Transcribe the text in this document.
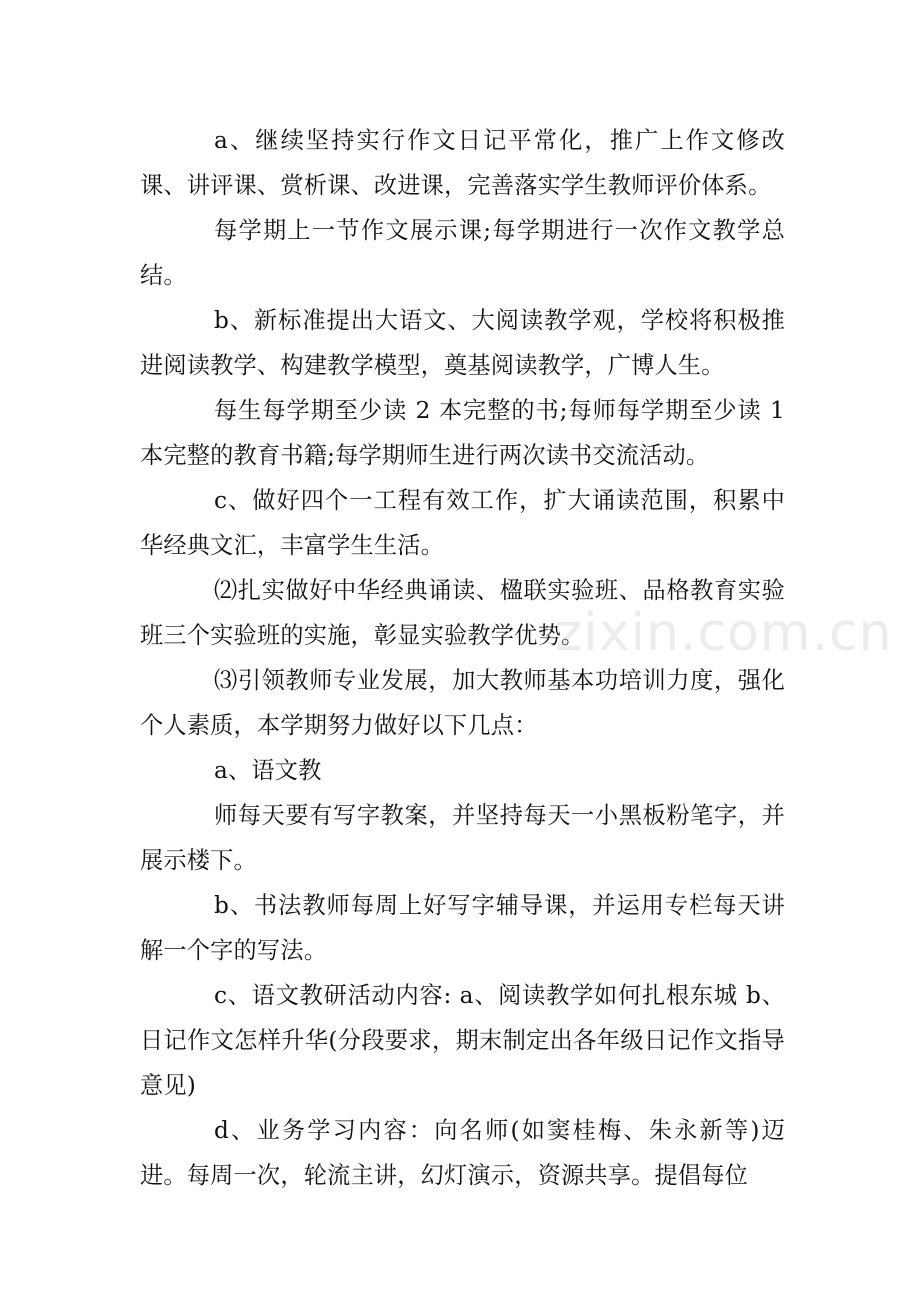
a、继续坚持实行作文日记平常化，推广上作文修改课、讲评课、赏析课、改进课，完善落实学生教师评价体系。

每学期上一节作文展示课;每学期进行一次作文教学总结。

b、新标准提出大语文、大阅读教学观，学校将积极推进阅读教学、构建教学模型，奠基阅读教学，广博人生。

每生每学期至少读 2 本完整的书;每师每学期至少读 1 本完整的教育书籍;每学期师生进行两次读书交流活动。

c、做好四个一工程有效工作，扩大诵读范围，积累中华经典文汇，丰富学生生活。

⑵扎实做好中华经典诵读、楹联实验班、品格教育实验班三个实验班的实施，彰显实验教学优势。

⑶引领教师专业发展，加大教师基本功培训力度，强化个人素质，本学期努力做好以下几点：

a、语文教

师每天要有写字教案，并坚持每天一小黑板粉笔字，并展示楼下。

b、书法教师每周上好写字辅导课，并运用专栏每天讲解一个字的写法。

c、语文教研活动内容: a、阅读教学如何扎根东城 b、日记作文怎样升华(分段要求，期末制定出各年级日记作文指导意见)

d、业务学习内容：向名师(如窦桂梅、朱永新等)迈进。每周一次，轮流主讲，幻灯演示，资源共享。提倡每位

zixin.com.cn
